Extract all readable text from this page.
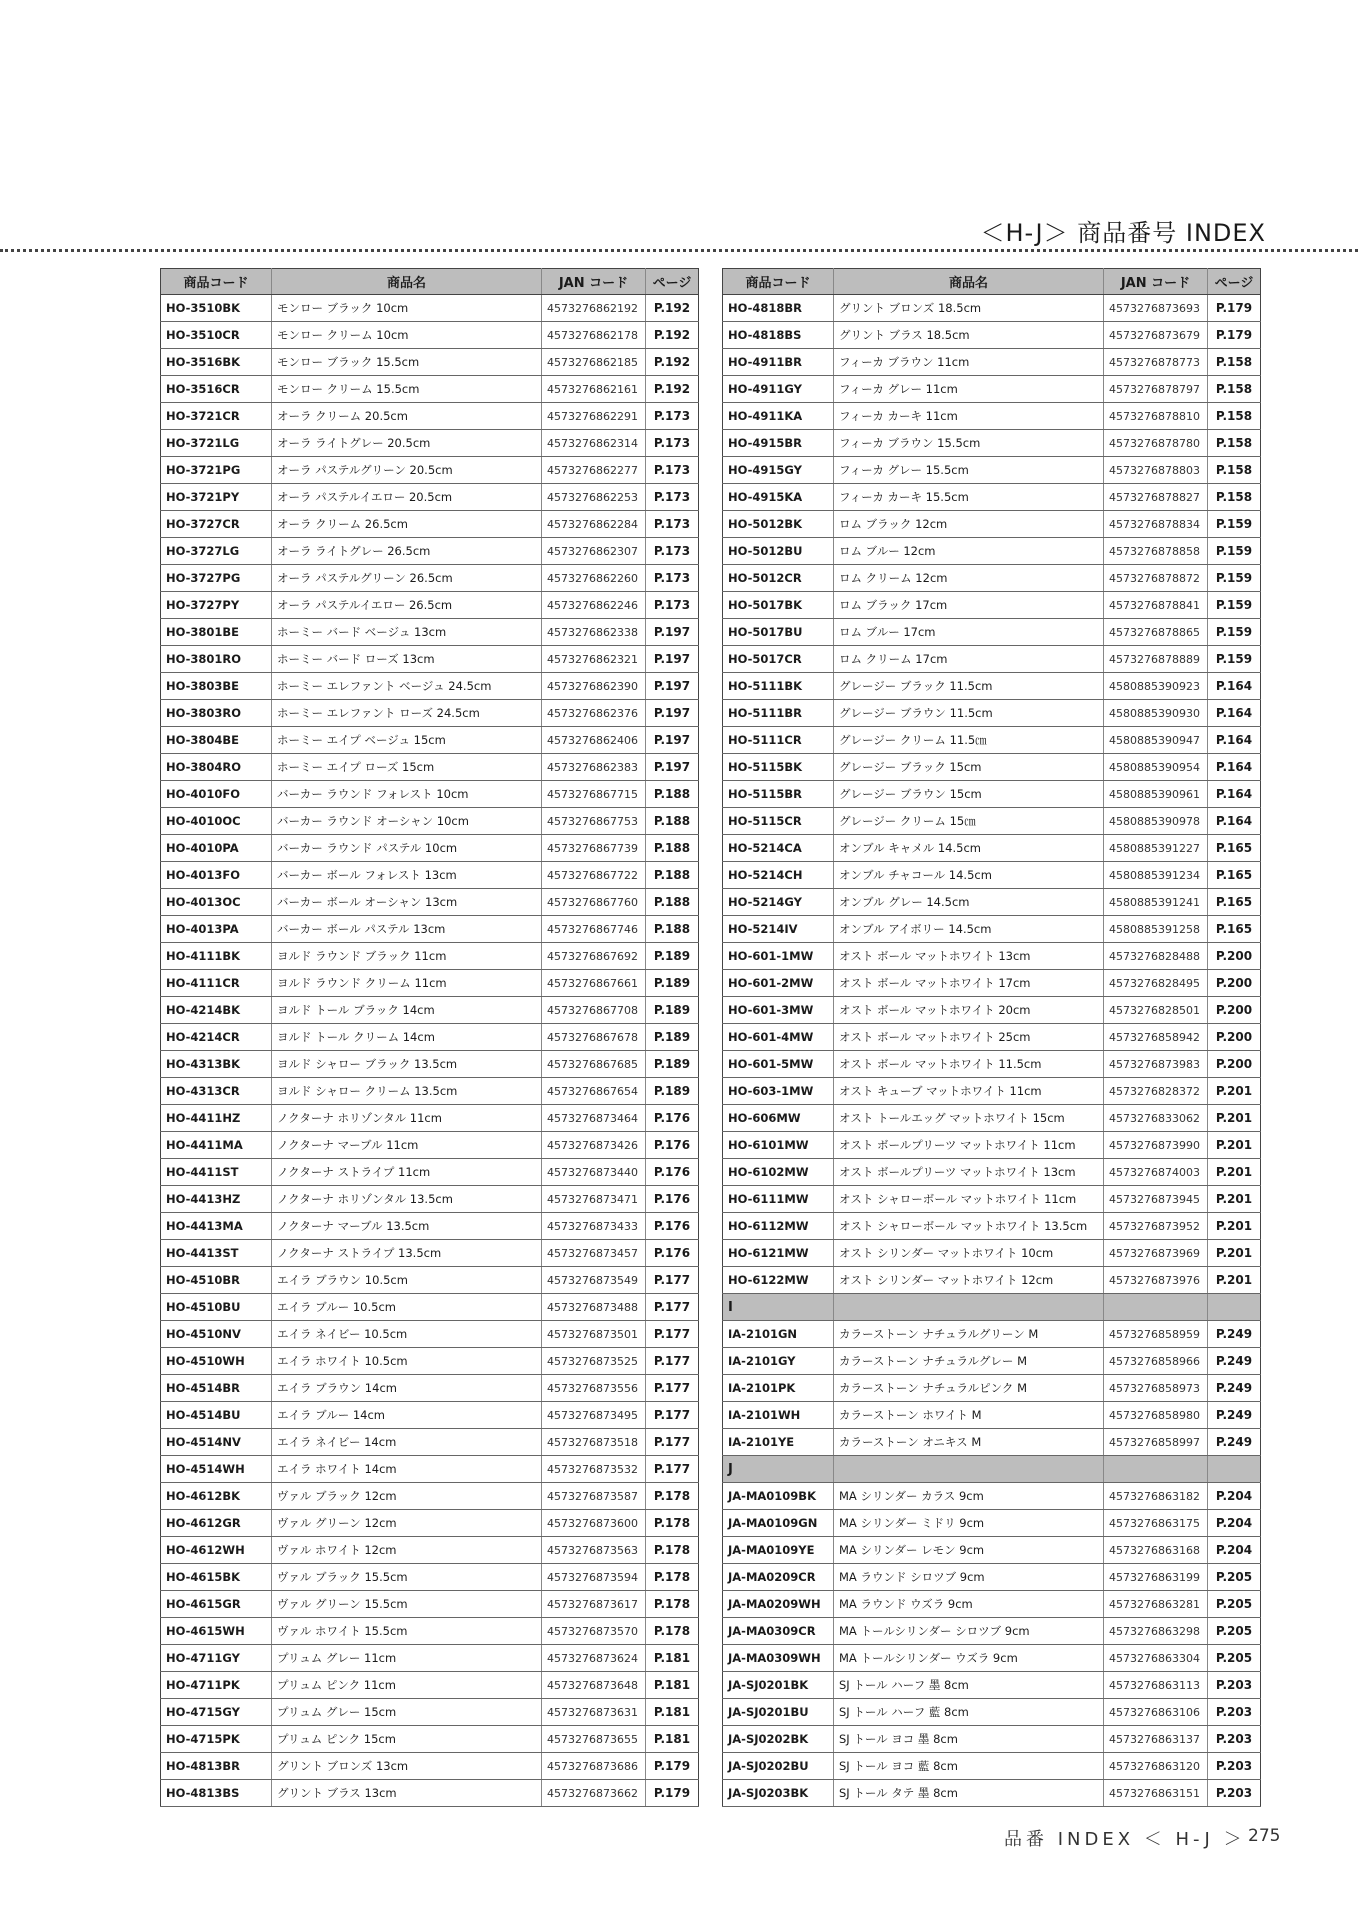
＜H-J＞ 商品番号 INDEX
商品コード	商品名	JAN コード	ページ
HO-3510BK	モンロー ブラック 10cm	4573276862192	P.192
HO-3510CR	モンロー クリーム 10cm	4573276862178	P.192
HO-3516BK	モンロー ブラック 15.5cm	4573276862185	P.192
HO-3516CR	モンロー クリーム 15.5cm	4573276862161	P.192
HO-3721CR	オーラ クリーム 20.5cm	4573276862291	P.173
HO-3721LG	オーラ ライトグレー 20.5cm	4573276862314	P.173
HO-3721PG	オーラ パステルグリーン 20.5cm	4573276862277	P.173
HO-3721PY	オーラ パステルイエロー 20.5cm	4573276862253	P.173
HO-3727CR	オーラ クリーム 26.5cm	4573276862284	P.173
HO-3727LG	オーラ ライトグレー 26.5cm	4573276862307	P.173
HO-3727PG	オーラ パステルグリーン 26.5cm	4573276862260	P.173
HO-3727PY	オーラ パステルイエロー 26.5cm	4573276862246	P.173
HO-3801BE	ホーミー バード ベージュ 13cm	4573276862338	P.197
HO-3801RO	ホーミー バード ローズ 13cm	4573276862321	P.197
HO-3803BE	ホーミー エレファント ベージュ 24.5cm	4573276862390	P.197
HO-3803RO	ホーミー エレファント ローズ 24.5cm	4573276862376	P.197
HO-3804BE	ホーミー エイプ ベージュ 15cm	4573276862406	P.197
HO-3804RO	ホーミー エイプ ローズ 15cm	4573276862383	P.197
HO-4010FO	バーカー ラウンド フォレスト 10cm	4573276867715	P.188
HO-4010OC	バーカー ラウンド オーシャン 10cm	4573276867753	P.188
HO-4010PA	バーカー ラウンド パステル 10cm	4573276867739	P.188
HO-4013FO	バーカー ボール フォレスト 13cm	4573276867722	P.188
HO-4013OC	バーカー ボール オーシャン 13cm	4573276867760	P.188
HO-4013PA	バーカー ボール パステル 13cm	4573276867746	P.188
HO-4111BK	ヨルド ラウンド ブラック 11cm	4573276867692	P.189
HO-4111CR	ヨルド ラウンド クリーム 11cm	4573276867661	P.189
HO-4214BK	ヨルド トール ブラック 14cm	4573276867708	P.189
HO-4214CR	ヨルド トール クリーム 14cm	4573276867678	P.189
HO-4313BK	ヨルド シャロー ブラック 13.5cm	4573276867685	P.189
HO-4313CR	ヨルド シャロー クリーム 13.5cm	4573276867654	P.189
HO-4411HZ	ノクターナ ホリゾンタル 11cm	4573276873464	P.176
HO-4411MA	ノクターナ マーブル 11cm	4573276873426	P.176
HO-4411ST	ノクターナ ストライプ 11cm	4573276873440	P.176
HO-4413HZ	ノクターナ ホリゾンタル 13.5cm	4573276873471	P.176
HO-4413MA	ノクターナ マーブル 13.5cm	4573276873433	P.176
HO-4413ST	ノクターナ ストライプ 13.5cm	4573276873457	P.176
HO-4510BR	エイラ ブラウン 10.5cm	4573276873549	P.177
HO-4510BU	エイラ ブルー 10.5cm	4573276873488	P.177
HO-4510NV	エイラ ネイビー 10.5cm	4573276873501	P.177
HO-4510WH	エイラ ホワイト 10.5cm	4573276873525	P.177
HO-4514BR	エイラ ブラウン 14cm	4573276873556	P.177
HO-4514BU	エイラ ブルー 14cm	4573276873495	P.177
HO-4514NV	エイラ ネイビー 14cm	4573276873518	P.177
HO-4514WH	エイラ ホワイト 14cm	4573276873532	P.177
HO-4612BK	ヴァル ブラック 12cm	4573276873587	P.178
HO-4612GR	ヴァル グリーン 12cm	4573276873600	P.178
HO-4612WH	ヴァル ホワイト 12cm	4573276873563	P.178
HO-4615BK	ヴァル ブラック 15.5cm	4573276873594	P.178
HO-4615GR	ヴァル グリーン 15.5cm	4573276873617	P.178
HO-4615WH	ヴァル ホワイト 15.5cm	4573276873570	P.178
HO-4711GY	プリュム グレー 11cm	4573276873624	P.181
HO-4711PK	プリュム ピンク 11cm	4573276873648	P.181
HO-4715GY	プリュム グレー 15cm	4573276873631	P.181
HO-4715PK	プリュム ピンク 15cm	4573276873655	P.181
HO-4813BR	グリント ブロンズ 13cm	4573276873686	P.179
HO-4813BS	グリント ブラス 13cm	4573276873662	P.179
商品コード	商品名	JAN コード	ページ
HO-4818BR	グリント ブロンズ 18.5cm	4573276873693	P.179
HO-4818BS	グリント ブラス 18.5cm	4573276873679	P.179
HO-4911BR	フィーカ ブラウン 11cm	4573276878773	P.158
HO-4911GY	フィーカ グレー 11cm	4573276878797	P.158
HO-4911KA	フィーカ カーキ 11cm	4573276878810	P.158
HO-4915BR	フィーカ ブラウン 15.5cm	4573276878780	P.158
HO-4915GY	フィーカ グレー 15.5cm	4573276878803	P.158
HO-4915KA	フィーカ カーキ 15.5cm	4573276878827	P.158
HO-5012BK	ロム ブラック 12cm	4573276878834	P.159
HO-5012BU	ロム ブルー 12cm	4573276878858	P.159
HO-5012CR	ロム クリーム 12cm	4573276878872	P.159
HO-5017BK	ロム ブラック 17cm	4573276878841	P.159
HO-5017BU	ロム ブルー 17cm	4573276878865	P.159
HO-5017CR	ロム クリーム 17cm	4573276878889	P.159
HO-5111BK	グレージー ブラック 11.5cm	4580885390923	P.164
HO-5111BR	グレージー ブラウン 11.5cm	4580885390930	P.164
HO-5111CR	グレージー クリーム 11.5㎝	4580885390947	P.164
HO-5115BK	グレージー ブラック 15cm	4580885390954	P.164
HO-5115BR	グレージー ブラウン 15cm	4580885390961	P.164
HO-5115CR	グレージー クリーム 15㎝	4580885390978	P.164
HO-5214CA	オンブル キャメル 14.5cm	4580885391227	P.165
HO-5214CH	オンブル チャコール 14.5cm	4580885391234	P.165
HO-5214GY	オンブル グレー 14.5cm	4580885391241	P.165
HO-5214IV	オンブル アイボリー 14.5cm	4580885391258	P.165
HO-601-1MW	オスト ボール マットホワイト 13cm	4573276828488	P.200
HO-601-2MW	オスト ボール マットホワイト 17cm	4573276828495	P.200
HO-601-3MW	オスト ボール マットホワイト 20cm	4573276828501	P.200
HO-601-4MW	オスト ボール マットホワイト 25cm	4573276858942	P.200
HO-601-5MW	オスト ボール マットホワイト 11.5cm	4573276873983	P.200
HO-603-1MW	オスト キューブ マットホワイト 11cm	4573276828372	P.201
HO-606MW	オスト トールエッグ マットホワイト 15cm	4573276833062	P.201
HO-6101MW	オスト ボールプリーツ マットホワイト 11cm	4573276873990	P.201
HO-6102MW	オスト ボールプリーツ マットホワイト 13cm	4573276874003	P.201
HO-6111MW	オスト シャローボール マットホワイト 11cm	4573276873945	P.201
HO-6112MW	オスト シャローボール マットホワイト 13.5cm	4573276873952	P.201
HO-6121MW	オスト シリンダー マットホワイト 10cm	4573276873969	P.201
HO-6122MW	オスト シリンダー マットホワイト 12cm	4573276873976	P.201
I			
IA-2101GN	カラーストーン ナチュラルグリーン M	4573276858959	P.249
IA-2101GY	カラーストーン ナチュラルグレー M	4573276858966	P.249
IA-2101PK	カラーストーン ナチュラルピンク M	4573276858973	P.249
IA-2101WH	カラーストーン ホワイト M	4573276858980	P.249
IA-2101YE	カラーストーン オニキス M	4573276858997	P.249
J			
JA-MA0109BK	MA シリンダー カラス 9cm	4573276863182	P.204
JA-MA0109GN	MA シリンダー ミドリ 9cm	4573276863175	P.204
JA-MA0109YE	MA シリンダー レモン 9cm	4573276863168	P.204
JA-MA0209CR	MA ラウンド シロツブ 9cm	4573276863199	P.205
JA-MA0209WH	MA ラウンド ウズラ 9cm	4573276863281	P.205
JA-MA0309CR	MA トールシリンダー シロツブ 9cm	4573276863298	P.205
JA-MA0309WH	MA トールシリンダー ウズラ 9cm	4573276863304	P.205
JA-SJ0201BK	SJ トール ハーフ 墨 8cm	4573276863113	P.203
JA-SJ0201BU	SJ トール ハーフ 藍 8cm	4573276863106	P.203
JA-SJ0202BK	SJ トール ヨコ 墨 8cm	4573276863137	P.203
JA-SJ0202BU	SJ トール ヨコ 藍 8cm	4573276863120	P.203
JA-SJ0203BK	SJ トール タテ 墨 8cm	4573276863151	P.203
品番 INDEX ＜ H-J ＞ 275
